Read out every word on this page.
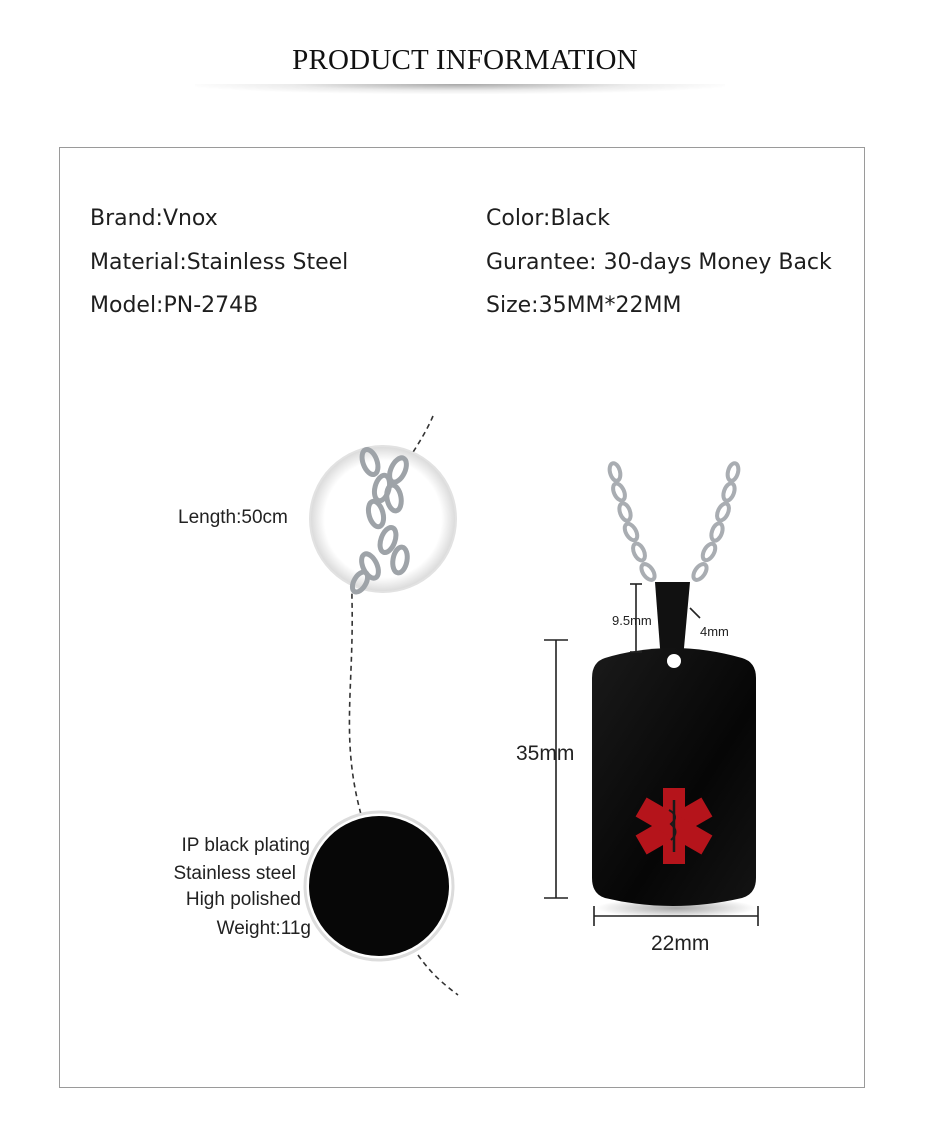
PRODUCT INFORMATION
Brand:Vnox
Material:Stainless Steel
Model:PN-274B
Color:Black
Gurantee: 30-days Money Back
Size:35MM*22MM
Length:50cm
IP black plating
Stainless steel
High polished
Weight:11g
9.5mm
4mm
35mm
22mm
